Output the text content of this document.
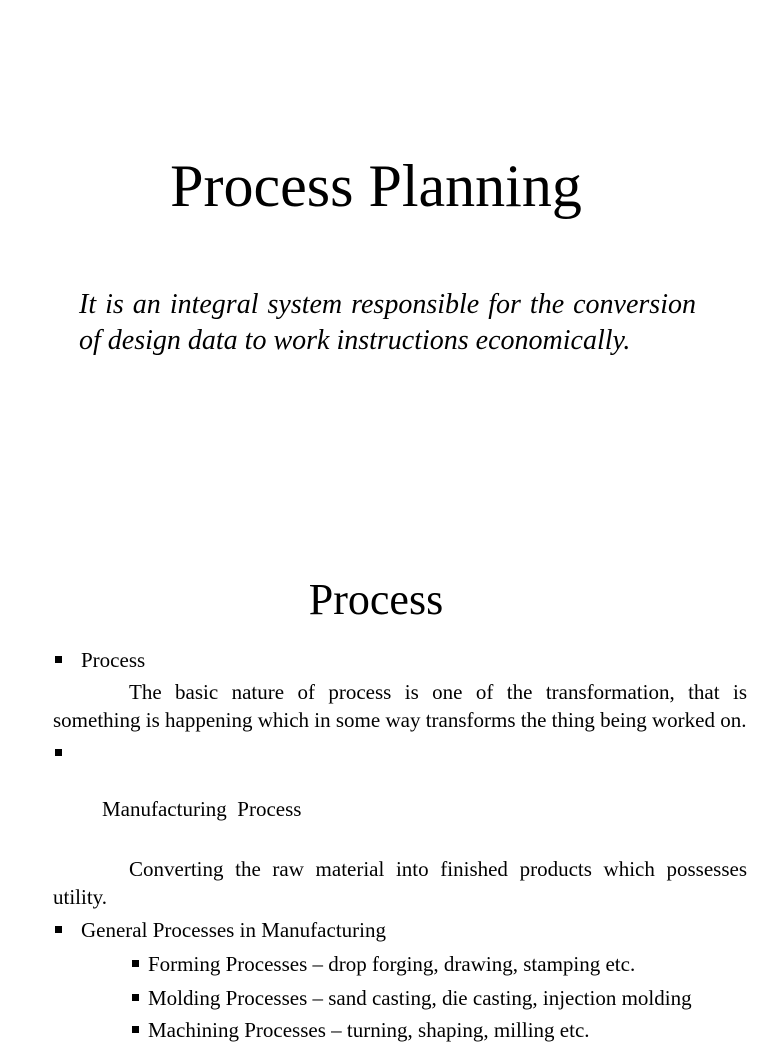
Process Planning

It is an integral system responsible for the conversion of design data to work instructions economically.

Process
Process

The basic nature of process is one of the transformation, that is something is happening which in some way transforms the thing being worked on.

Manufacturing  Process

Converting the raw material into finished products which possesses utility.

General Processes in Manufacturing
Forming Processes – drop forging, drawing, stamping etc.
Molding Processes – sand casting, die casting, injection molding
Machining Processes – turning, shaping, milling etc.
